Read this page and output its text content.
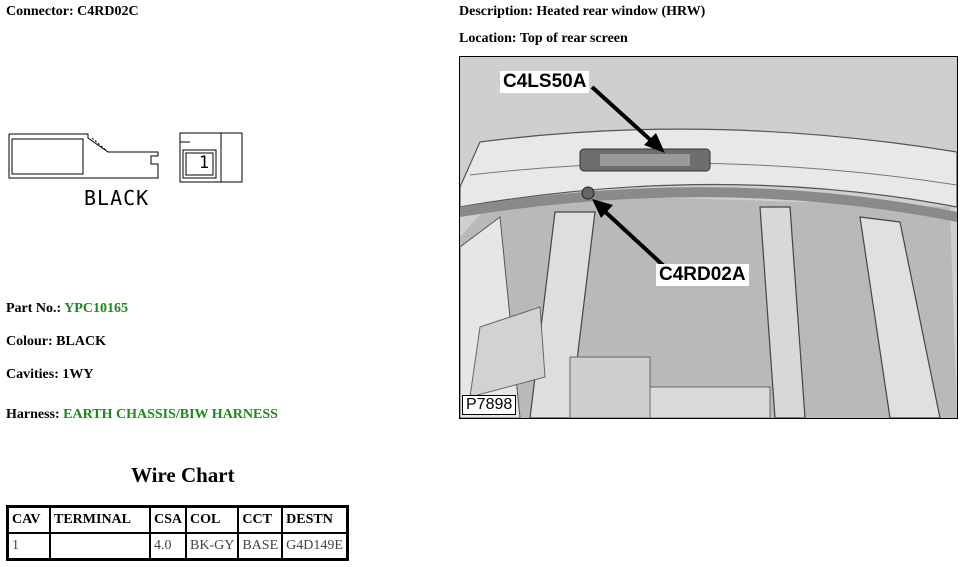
Connector: C4RD02C	Description: Heated rear window (HRW)
Location: Top of rear screen
1
BLACK
C4LS50A
C4RD02A
P7898
Part No.: YPC10165
Colour: BLACK
Cavities: 1WY
Harness: EARTH CHASSIS/BIW HARNESS
Wire Chart
CAV	TERMINAL	CSA	COL	CCT	DESTN
1		4.0	BK-GY	BASE	G4D149E
